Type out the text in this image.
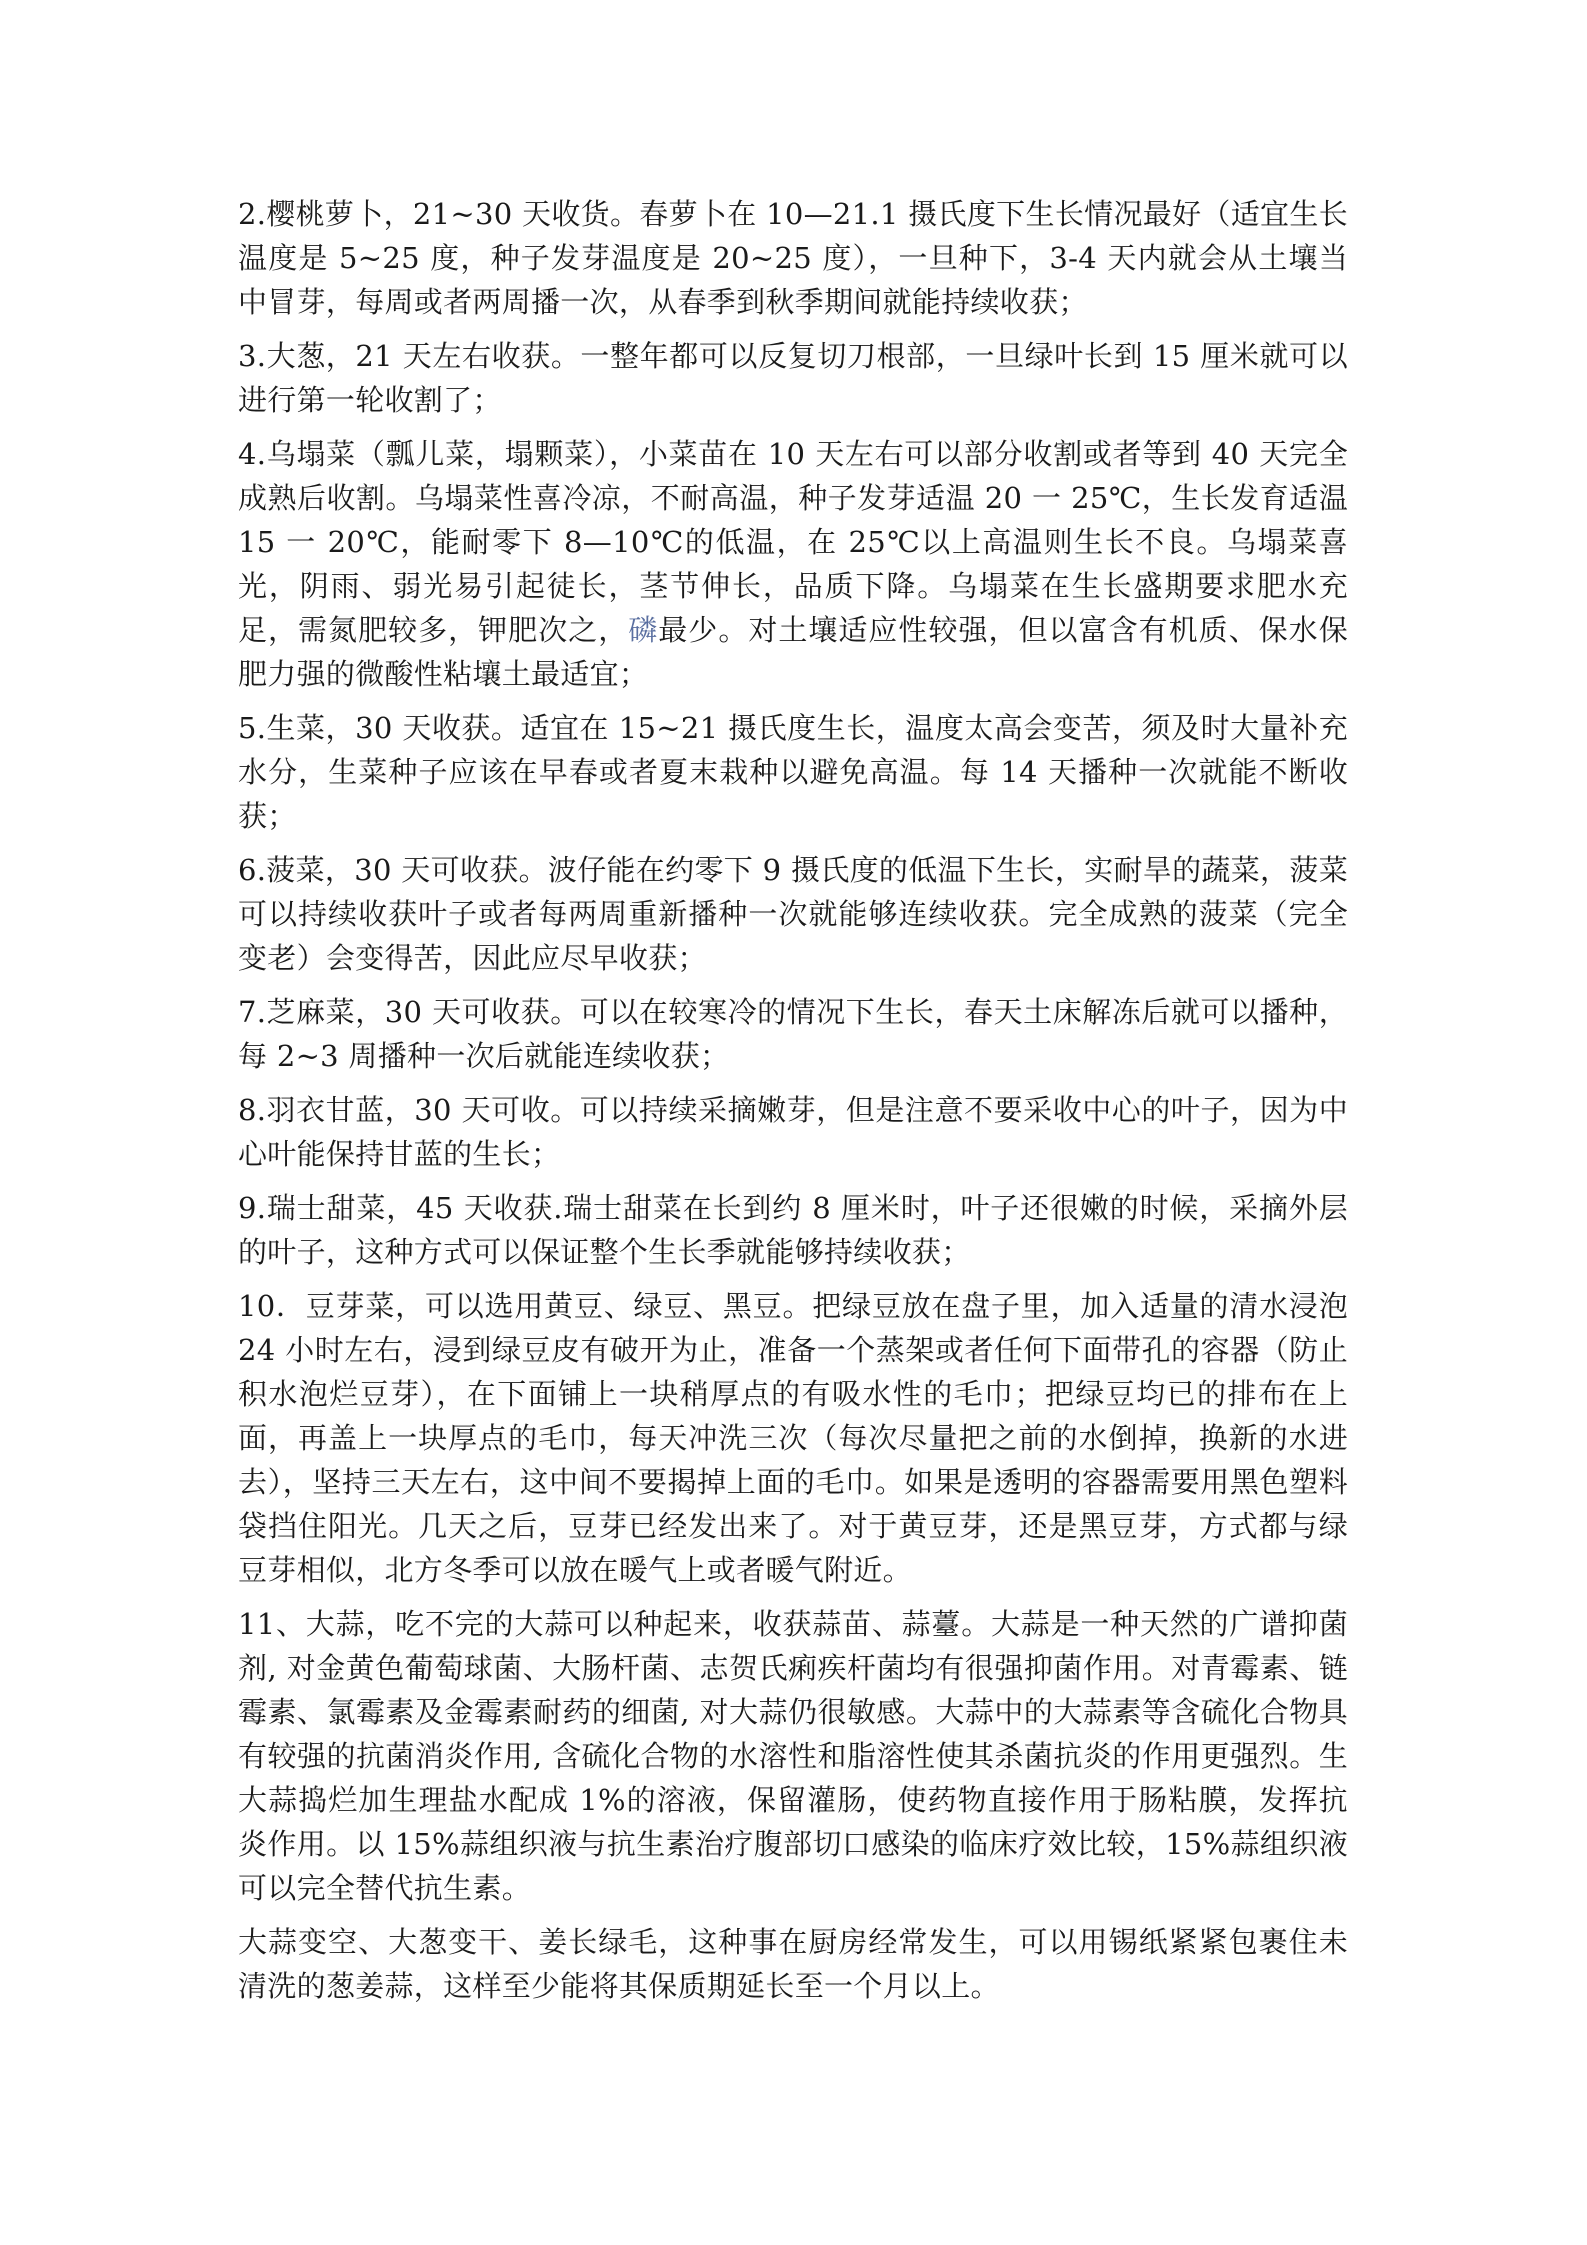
2.樱桃萝卜，21~30 天收货。春萝卜在 10—21.1 摄氏度下生长情况最好（适宜生长温度是 5~25 度，种子发芽温度是 20~25 度），一旦种下，3-4 天内就会从土壤当中冒芽，每周或者两周播一次，从春季到秋季期间就能持续收获；

3.大葱，21 天左右收获。一整年都可以反复切刀根部，一旦绿叶长到 15 厘米就可以进行第一轮收割了；

4.乌塌菜（瓢儿菜，塌颗菜），小菜苗在 10 天左右可以部分收割或者等到 40 天完全成熟后收割。乌塌菜性喜冷凉，不耐高温，种子发芽适温 20 一 25℃，生长发育适温 15 一 20℃，能耐零下 8—10℃的低温，在 25℃以上高温则生长不良。乌塌菜喜光，阴雨、弱光易引起徒长，茎节伸长，品质下降。乌塌菜在生长盛期要求肥水充足，需氮肥较多，钾肥次之，磷最少。对土壤适应性较强，但以富含有机质、保水保肥力强的微酸性粘壤土最适宜；

5.生菜，30 天收获。适宜在 15~21 摄氏度生长，温度太高会变苦，须及时大量补充水分，生菜种子应该在早春或者夏末栽种以避免高温。每 14 天播种一次就能不断收获；

6.菠菜，30 天可收获。波仔能在约零下 9 摄氏度的低温下生长，实耐旱的蔬菜，菠菜可以持续收获叶子或者每两周重新播种一次就能够连续收获。完全成熟的菠菜（完全变老）会变得苦，因此应尽早收获；

7.芝麻菜，30 天可收获。可以在较寒冷的情况下生长，春天土床解冻后就可以播种，每 2~3 周播种一次后就能连续收获；

8.羽衣甘蓝，30 天可收。可以持续采摘嫩芽，但是注意不要采收中心的叶子，因为中心叶能保持甘蓝的生长；

9.瑞士甜菜，45 天收获.瑞士甜菜在长到约 8 厘米时，叶子还很嫩的时候，采摘外层的叶子，这种方式可以保证整个生长季就能够持续收获；

10．豆芽菜，可以选用黄豆、绿豆、黑豆。把绿豆放在盘子里，加入适量的清水浸泡 24 小时左右，浸到绿豆皮有破开为止，准备一个蒸架或者任何下面带孔的容器（防止积水泡烂豆芽），在下面铺上一块稍厚点的有吸水性的毛巾；把绿豆均已的排布在上面，再盖上一块厚点的毛巾，每天冲洗三次（每次尽量把之前的水倒掉，换新的水进去），坚持三天左右，这中间不要揭掉上面的毛巾。如果是透明的容器需要用黑色塑料袋挡住阳光。几天之后，豆芽已经发出来了。对于黄豆芽，还是黑豆芽，方式都与绿豆芽相似，北方冬季可以放在暖气上或者暖气附近。

11、大蒜，吃不完的大蒜可以种起来，收获蒜苗、蒜薹。大蒜是一种天然的广谱抑菌剂, 对金黄色葡萄球菌、大肠杆菌、志贺氏痢疾杆菌均有很强抑菌作用。对青霉素、链霉素、氯霉素及金霉素耐药的细菌, 对大蒜仍很敏感。大蒜中的大蒜素等含硫化合物具有较强的抗菌消炎作用, 含硫化合物的水溶性和脂溶性使其杀菌抗炎的作用更强烈。生大蒜捣烂加生理盐水配成 1%的溶液，保留灌肠，使药物直接作用于肠粘膜，发挥抗炎作用。以 15%蒜组织液与抗生素治疗腹部切口感染的临床疗效比较，15%蒜组织液可以完全替代抗生素。

大蒜变空、大葱变干、姜长绿毛，这种事在厨房经常发生，可以用锡纸紧紧包裹住未清洗的葱姜蒜，这样至少能将其保质期延长至一个月以上。
